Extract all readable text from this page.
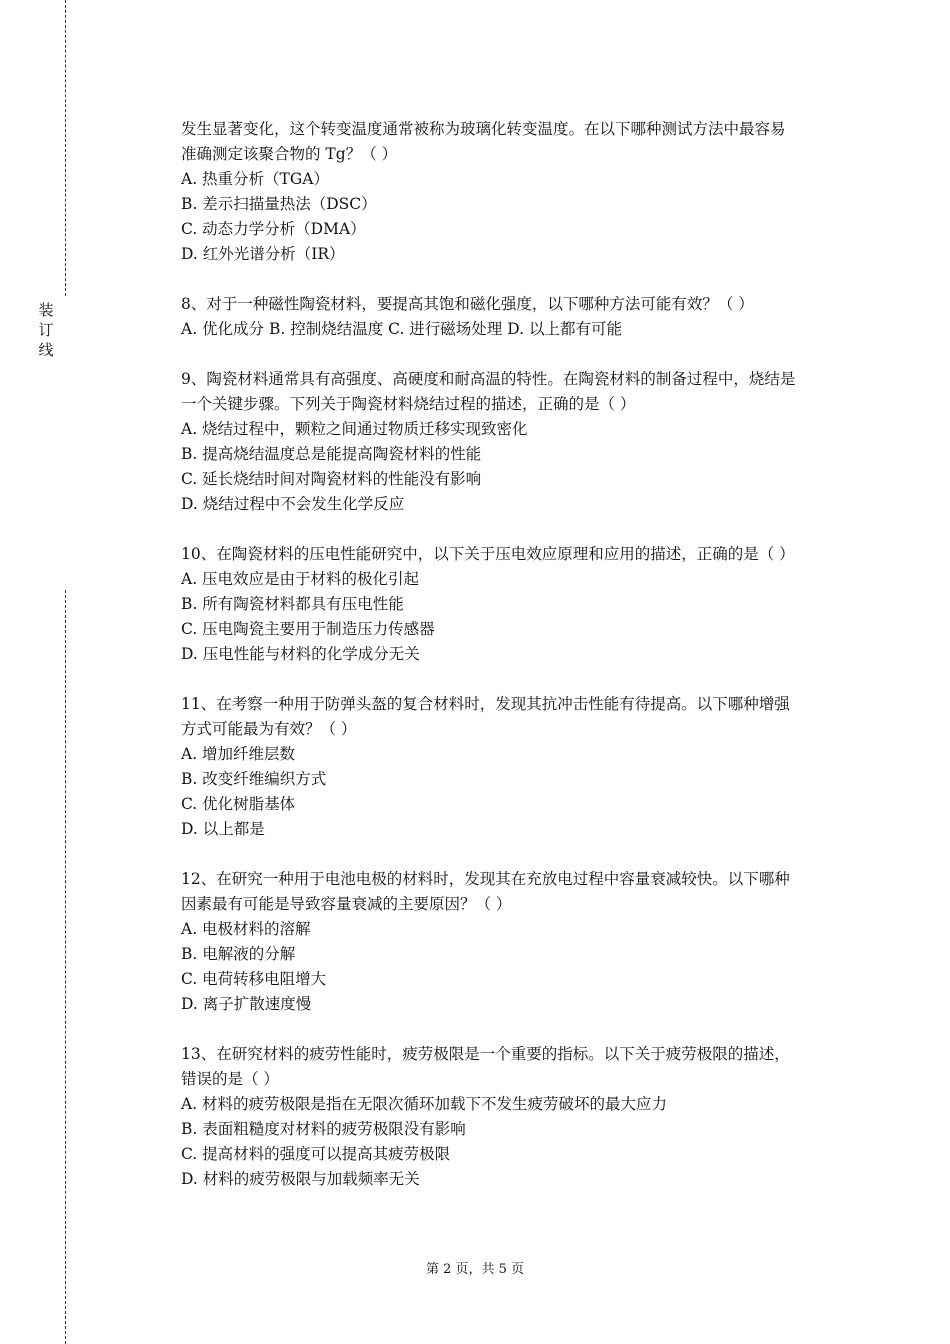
装
订
线
发生显著变化，这个转变温度通常被称为玻璃化转变温度。在以下哪种测试方法中最容易
准确测定该聚合物的 Tg？（ ）
A. 热重分析（TGA）
B. 差示扫描量热法（DSC）
C. 动态力学分析（DMA）
D. 红外光谱分析（IR）
8、对于一种磁性陶瓷材料，要提高其饱和磁化强度，以下哪种方法可能有效？（ ）
A. 优化成分 B. 控制烧结温度 C. 进行磁场处理 D. 以上都有可能
9、陶瓷材料通常具有高强度、高硬度和耐高温的特性。在陶瓷材料的制备过程中，烧结是
一个关键步骤。下列关于陶瓷材料烧结过程的描述，正确的是（ ）
A. 烧结过程中，颗粒之间通过物质迁移实现致密化
B. 提高烧结温度总是能提高陶瓷材料的性能
C. 延长烧结时间对陶瓷材料的性能没有影响
D. 烧结过程中不会发生化学反应
10、在陶瓷材料的压电性能研究中，以下关于压电效应原理和应用的描述，正确的是（ ）
A. 压电效应是由于材料的极化引起
B. 所有陶瓷材料都具有压电性能
C. 压电陶瓷主要用于制造压力传感器
D. 压电性能与材料的化学成分无关
11、在考察一种用于防弹头盔的复合材料时，发现其抗冲击性能有待提高。以下哪种增强
方式可能最为有效？（ ）
A. 增加纤维层数
B. 改变纤维编织方式
C. 优化树脂基体
D. 以上都是
12、在研究一种用于电池电极的材料时，发现其在充放电过程中容量衰减较快。以下哪种
因素最有可能是导致容量衰减的主要原因？（ ）
A. 电极材料的溶解
B. 电解液的分解
C. 电荷转移电阻增大
D. 离子扩散速度慢
13、在研究材料的疲劳性能时，疲劳极限是一个重要的指标。以下关于疲劳极限的描述，
错误的是（ ）
A. 材料的疲劳极限是指在无限次循环加载下不发生疲劳破坏的最大应力
B. 表面粗糙度对材料的疲劳极限没有影响
C. 提高材料的强度可以提高其疲劳极限
D. 材料的疲劳极限与加载频率无关
第 2 页，共 5 页
